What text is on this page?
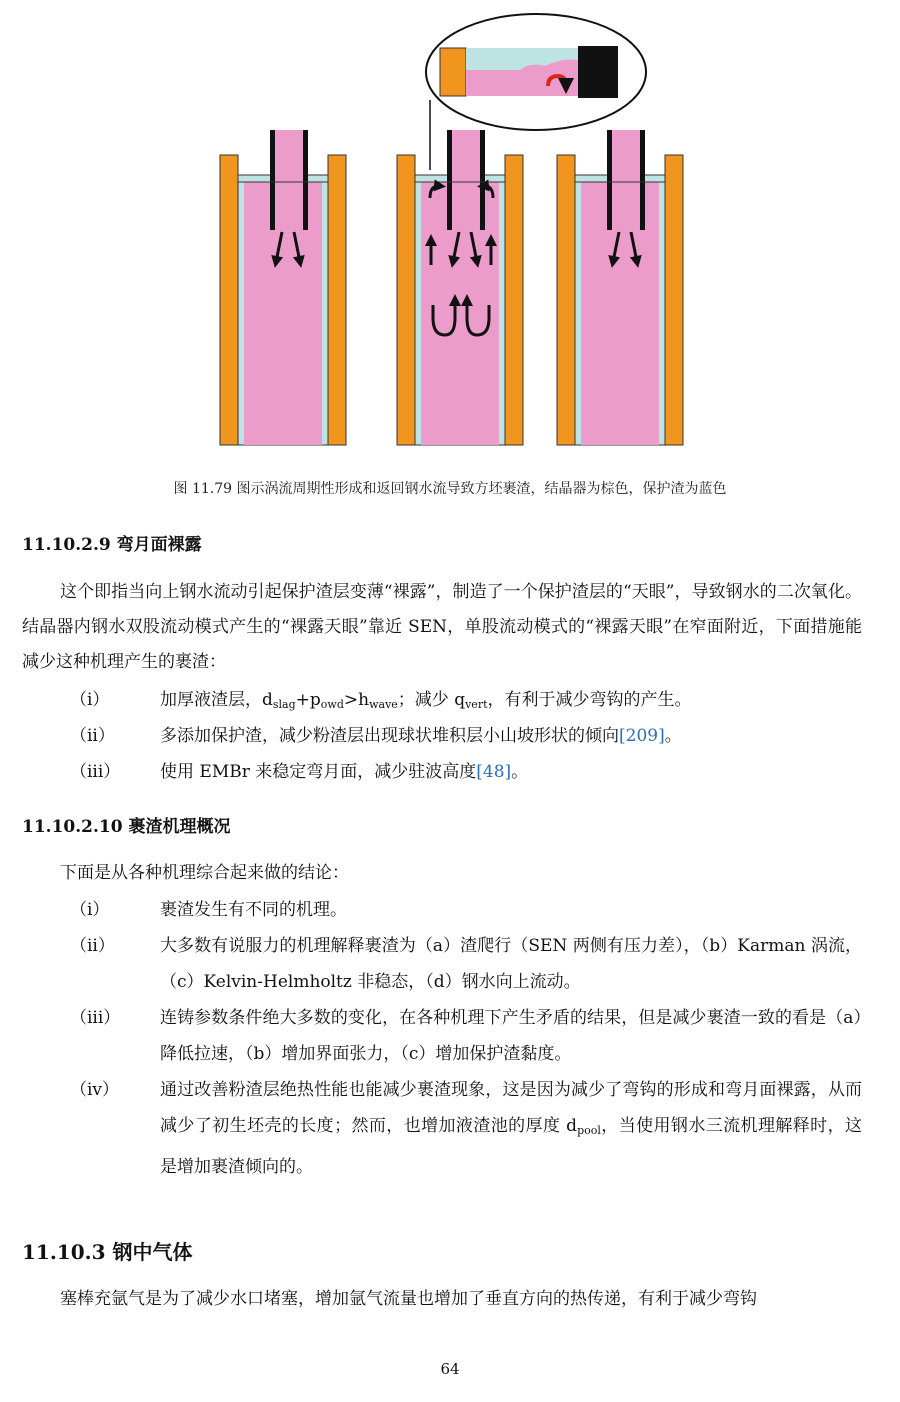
图 11.79 图示涡流周期性形成和返回钢水流导致方坯裹渣，结晶器为棕色，保护渣为蓝色
11.10.2.9 弯月面裸露
这个即指当向上钢水流动引起保护渣层变薄“裸露”，制造了一个保护渣层的“天眼”，导致钢水的二次氧化。结晶器内钢水双股流动模式产生的“裸露天眼”靠近 SEN，单股流动模式的“裸露天眼”在窄面附近，下面措施能减少这种机理产生的裹渣：
（i）	加厚液渣层，$d_{slag}+p_{owd}>h_{wave}$；减少 $q_{vert}$，有利于减少弯钩的产生。
（ii）	多添加保护渣，减少粉渣层出现球状堆积层小山坡形状的倾向[209]。
（iii） 使用 EMBr 来稳定弯月面，减少驻波高度[48]。
11.10.2.10 裹渣机理概况
下面是从各种机理综合起来做的结论：
（i）	裹渣发生有不同的机理。
（ii）	大多数有说服力的机理解释裹渣为（a）渣爬行（SEN 两侧有压力差），（b）Karman 涡流，（c）Kelvin-Helmholtz 非稳态，（d）钢水向上流动。
（iii） 连铸参数条件绝大多数的变化，在各种机理下产生矛盾的结果，但是减少裹渣一致的看是（a）降低拉速，（b）增加界面张力，（c）增加保护渣黏度。
（iv） 通过改善粉渣层绝热性能也能减少裹渣现象，这是因为减少了弯钩的形成和弯月面裸露，从而减少了初生坯壳的长度；然而，也增加液渣池的厚度 $d_{pool}$，当使用钢水三流机理解释时，这是增加裹渣倾向的。
11.10.3 钢中气体
塞棒充氩气是为了减少水口堵塞，增加氩气流量也增加了垂直方向的热传递，有利于减少弯钩
64
